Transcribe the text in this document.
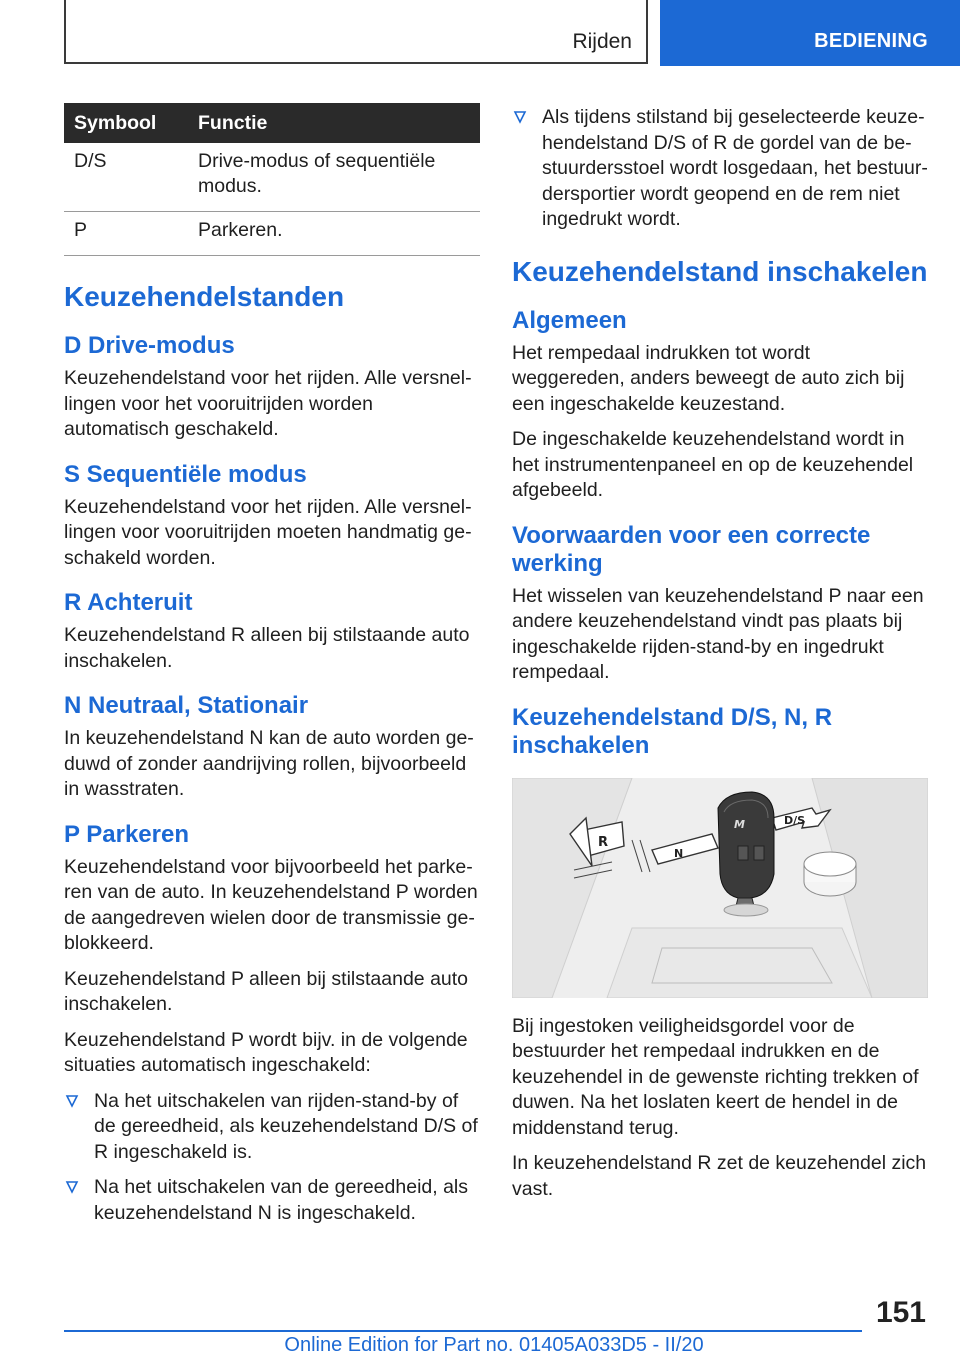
Rijden	BEDIENING
Symbool	Functie
D/S	Drive-modus of sequentiële modus.
P	Parkeren.
Keuzehendelstanden
D Drive-modus

Keuzehendelstand voor het rijden. Alle versnellingen voor het vooruitrijden worden automatisch geschakeld.

S Sequentiële modus

Keuzehendelstand voor het rijden. Alle versnellingen voor vooruitrijden moeten handmatig geschakeld worden.

R Achteruit

Keuzehendelstand R alleen bij stilstaande auto inschakelen.

N Neutraal, Stationair

In keuzehendelstand N kan de auto worden geduwd of zonder aandrijving rollen, bijvoorbeeld in wasstraten.

P Parkeren

Keuzehendelstand voor bijvoorbeeld het parkeren van de auto. In keuzehendelstand P worden de aangedreven wielen door de transmissie geblokkeerd.

Keuzehendelstand P alleen bij stilstaande auto inschakelen.

Keuzehendelstand P wordt bijv. in de volgende situaties automatisch ingeschakeld:

Na het uitschakelen van rijden-stand-by of de gereedheid, als keuzehendelstand D/S of R ingeschakeld is.
Na het uitschakelen van de gereedheid, als keuzehendelstand N is ingeschakeld.
Als tijdens stilstand bij geselecteerde keuzehendelstand D/S of R de gordel van de bestuurdersstoel wordt losgedaan, het bestuurdersportier wordt geopend en de rem niet ingedrukt wordt.
Keuzehendelstand inschakelen
Algemeen

Het rempedaal indrukken tot wordt weggereden, anders beweegt de auto zich bij een ingeschakelde keuzestand.

De ingeschakelde keuzehendelstand wordt in het instrumentenpaneel en op de keuzehendel afgebeeld.

Voorwaarden voor een correcte werking

Het wisselen van keuzehendelstand P naar een andere keuzehendelstand vindt pas plaats bij ingeschakelde rijden-stand-by en ingedrukt rempedaal.

Keuzehendelstand D/S, N, R inschakelen
R
N
D/S
M

Bij ingestoken veiligheidsgordel voor de bestuurder het rempedaal indrukken en de keuzehendel in de gewenste richting trekken of duwen. Na het loslaten keert de hendel in de middenstand terug.

In keuzehendelstand R zet de keuzehendel zich vast.

151
Online Edition for Part no. 01405A033D5 - II/20
